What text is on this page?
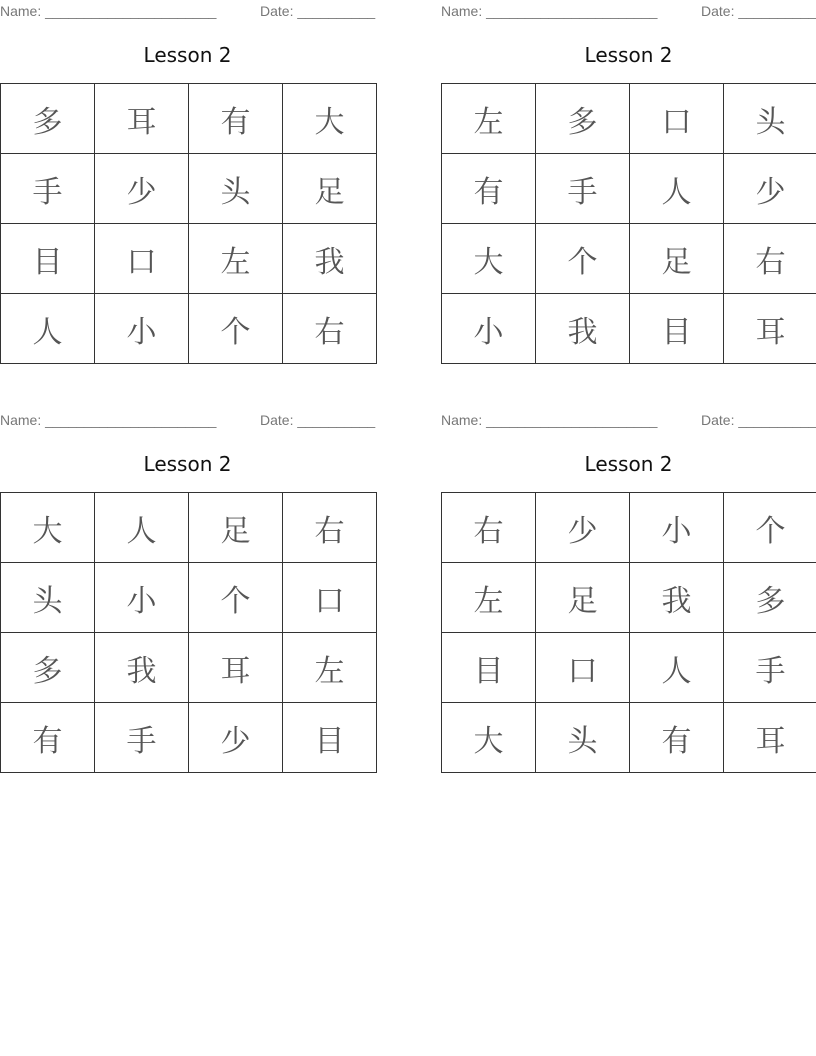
Name: ______________________	Date: __________
Lesson 2
多	耳	有	大
手	少	头	足
目	口	左	我
人	小	个	右
Name: ______________________	Date: __________
Lesson 2
左	多	口	头
有	手	人	少
大	个	足	右
小	我	目	耳
Name: ______________________	Date: __________
Lesson 2
大	人	足	右
头	小	个	口
多	我	耳	左
有	手	少	目
Name: ______________________	Date: __________
Lesson 2
右	少	小	个
左	足	我	多
目	口	人	手
大	头	有	耳
